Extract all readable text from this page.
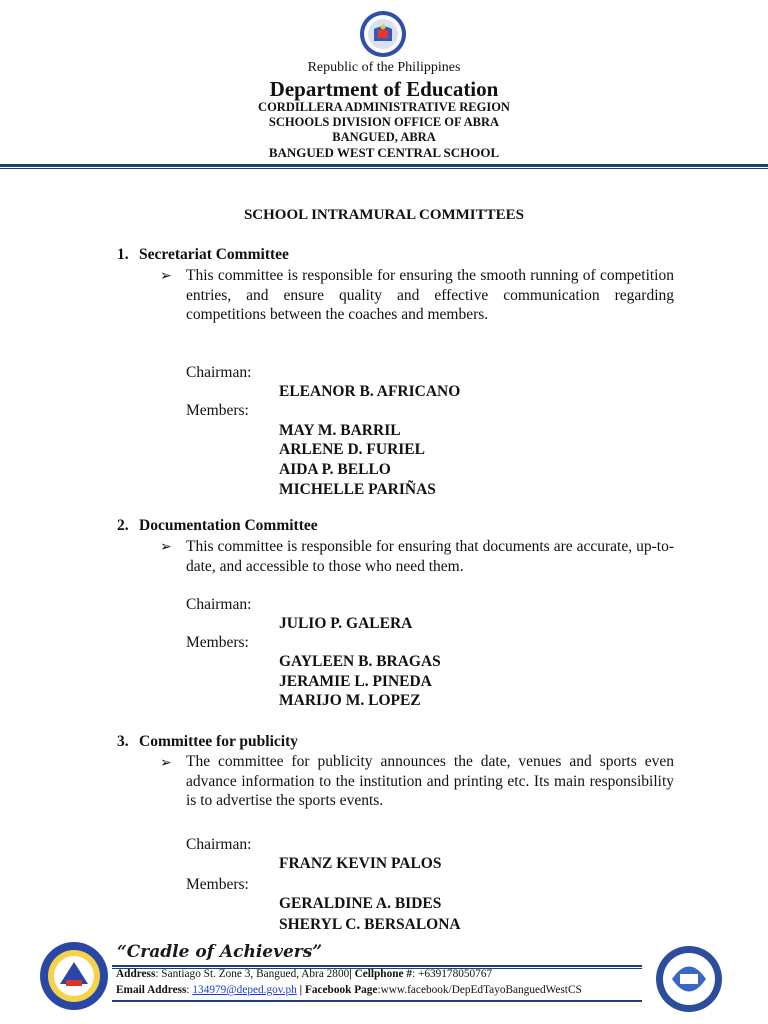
Republic of the Philippines
Department of Education
CORDILLERA ADMINISTRATIVE REGION
SCHOOLS DIVISION OFFICE OF ABRA
BANGUED, ABRA
BANGUED WEST CENTRAL SCHOOL
SCHOOL INTRAMURAL COMMITTEES
1. Secretariat Committee
➢ This committee is responsible for ensuring the smooth running of competition entries, and ensure quality and effective communication regarding competitions between the coaches and members.
Chairman:
ELEANOR B. AFRICANO
Members:
MAY M. BARRIL
ARLENE D. FURIEL
AIDA P. BELLO
MICHELLE PARIÑAS
2. Documentation Committee
➢ This committee is responsible for ensuring that documents are accurate, up-to-date, and accessible to those who need them.
Chairman:
JULIO P. GALERA
Members:
GAYLEEN B. BRAGAS
JERAMIE L. PINEDA
MARIJO M. LOPEZ
3. Committee for publicity
➢ The committee for publicity announces the date, venues and sports even advance information to the institution and printing etc. Its main responsibility is to advertise the sports events.
Chairman:
FRANZ KEVIN PALOS
Members:
GERALDINE A. BIDES
SHERYL C. BERSALONA
“Cradle of Achievers”
Address: Santiago St. Zone 3, Bangued, Abra 2800| Cellphone #: +639178050767
Email Address: 134979@deped.gov.ph | Facebook Page:www.facebook/DepEdTayoBanguedWestCS
